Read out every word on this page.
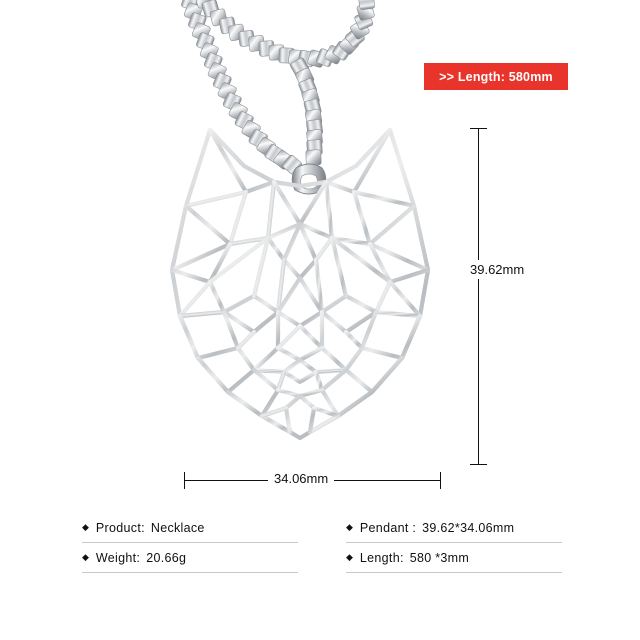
>> Length: 580mm
39.62mm
34.06mm
◆ Product: Necklace	◆ Pendant : 39.62*34.06mm
◆ Weight: 20.66g	◆ Length: 580 *3mm
